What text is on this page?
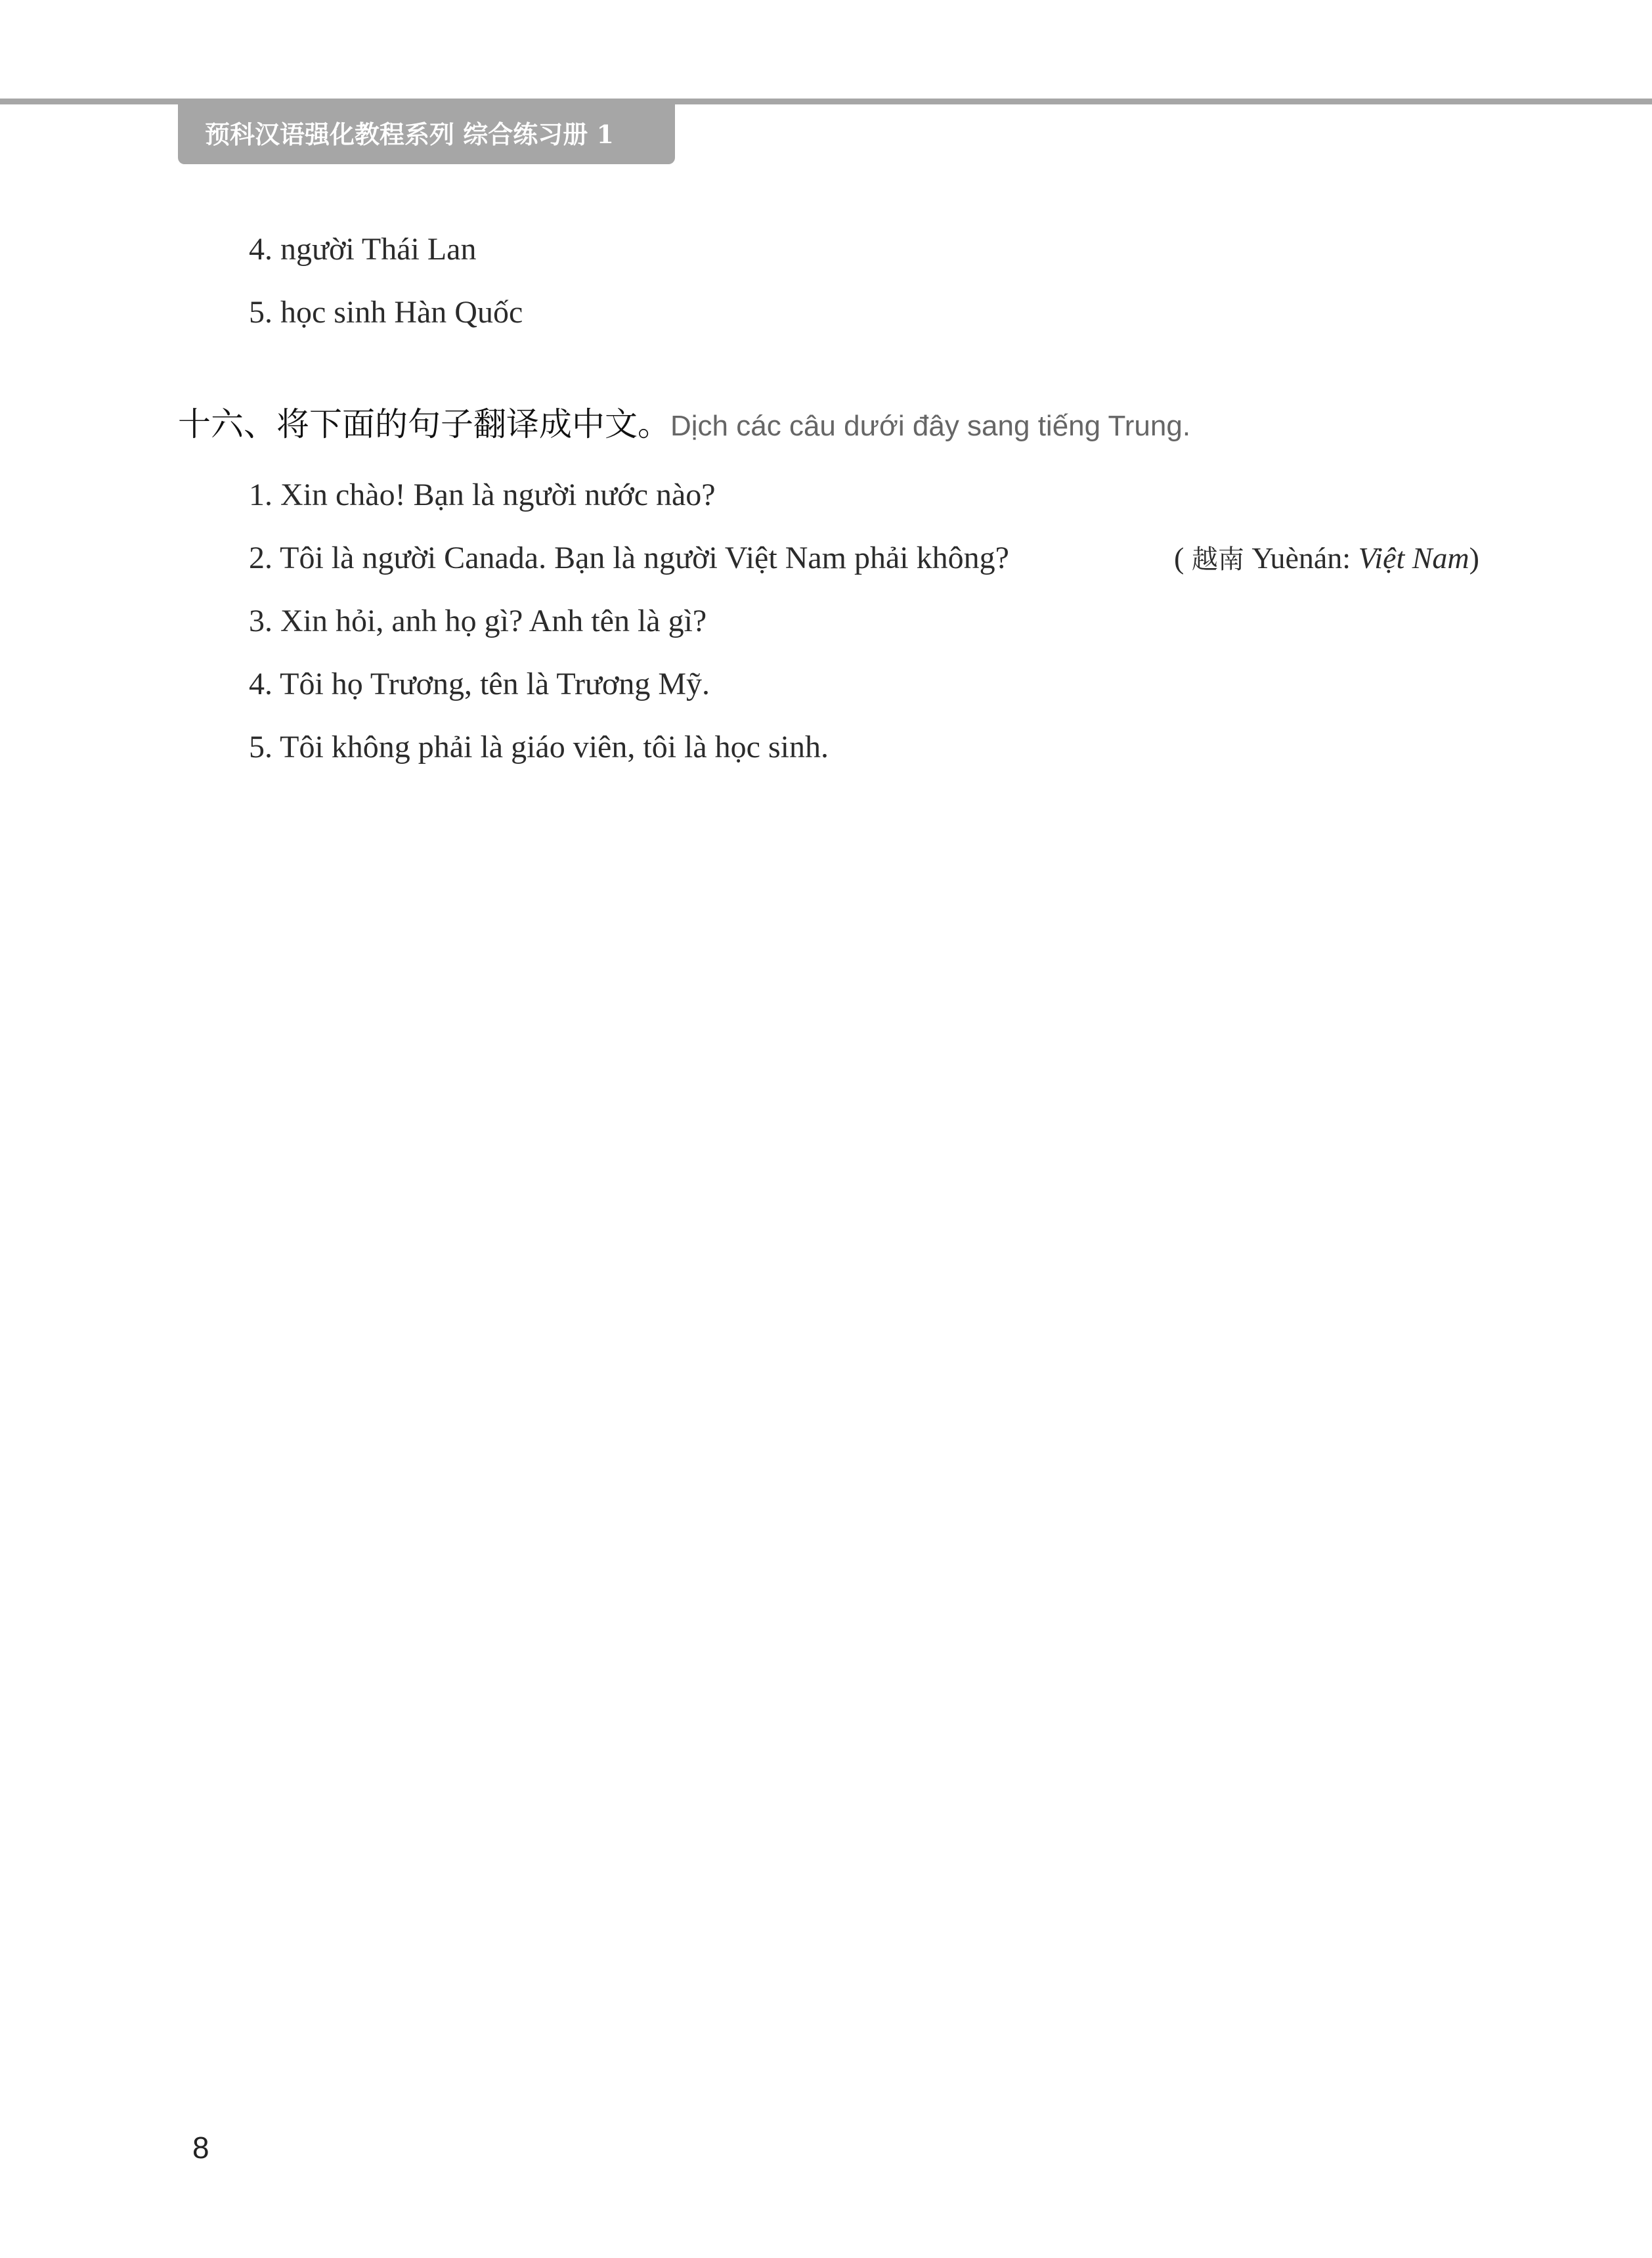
预科汉语强化教程系列 综合练习册 1
4. người Thái Lan
5. học sinh Hàn Quốc
十六、将下面的句子翻译成中文。Dịch các câu dưới đây sang tiếng Trung.
1. Xin chào! Bạn là người nước nào?
2. Tôi là người Canada. Bạn là người Việt Nam phải không?
3. Xin hỏi, anh họ gì? Anh tên là gì?
4. Tôi họ Trương, tên là Trương Mỹ.
5. Tôi không phải là giáo viên, tôi là học sinh.
( 越南 Yuènán: Việt Nam)
8
